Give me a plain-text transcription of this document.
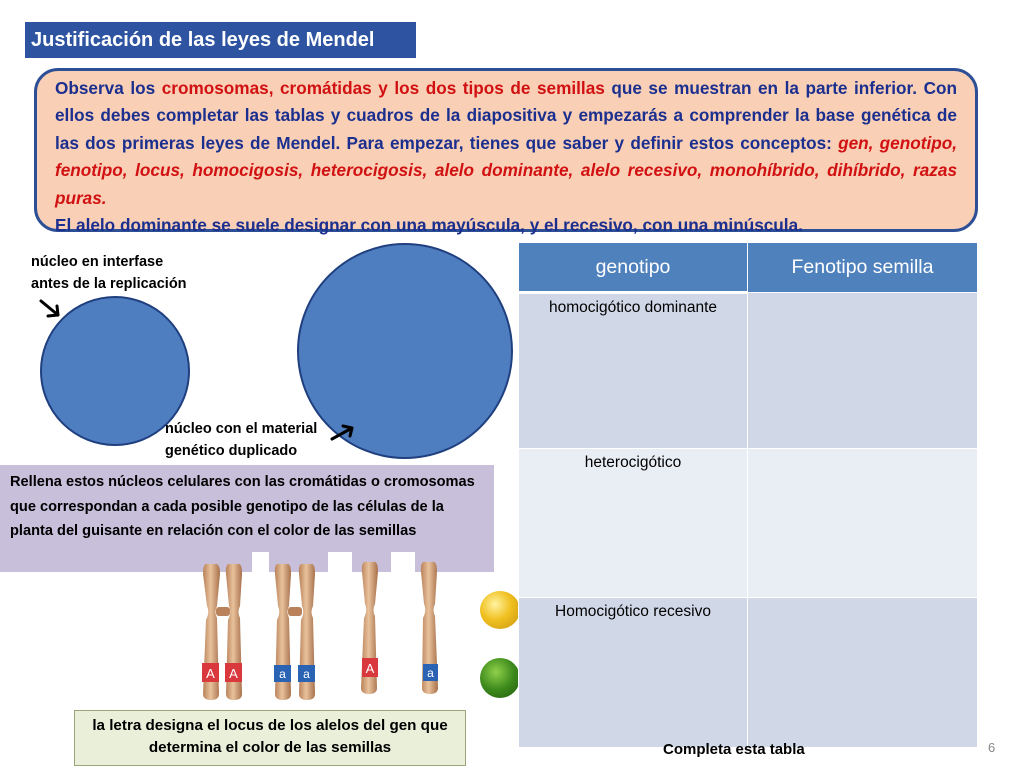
Justificación de las leyes de Mendel
Observa los cromosomas, cromátidas y los dos tipos de semillas que se muestran en la parte inferior. Con ellos debes completar las tablas y cuadros de la diapositiva y empezarás a comprender la base genética de las dos primeras leyes de Mendel. Para empezar, tienes que saber y definir estos conceptos: gen, genotipo, fenotipo, locus, homocigosis, heterocigosis, alelo dominante, alelo recesivo, monohíbrido, dihíbrido, razas puras.
El alelo dominante se suele designar con una mayúscula, y el recesivo, con una minúscula.
núcleo en interfase
antes de la replicación
núcleo con el material
genético duplicado
Rellena estos núcleos celulares con las cromátidas o cromosomas que correspondan a cada posible genotipo de las células de la planta del guisante en relación con el color de las semillas
A A	a a	A	a
genotipo	Fenotipo semilla
homocigótico dominante	
heterocigótico	
Homocigótico recesivo	
la letra designa el locus de los alelos del gen que determina el color de las semillas	Completa esta tabla	6
